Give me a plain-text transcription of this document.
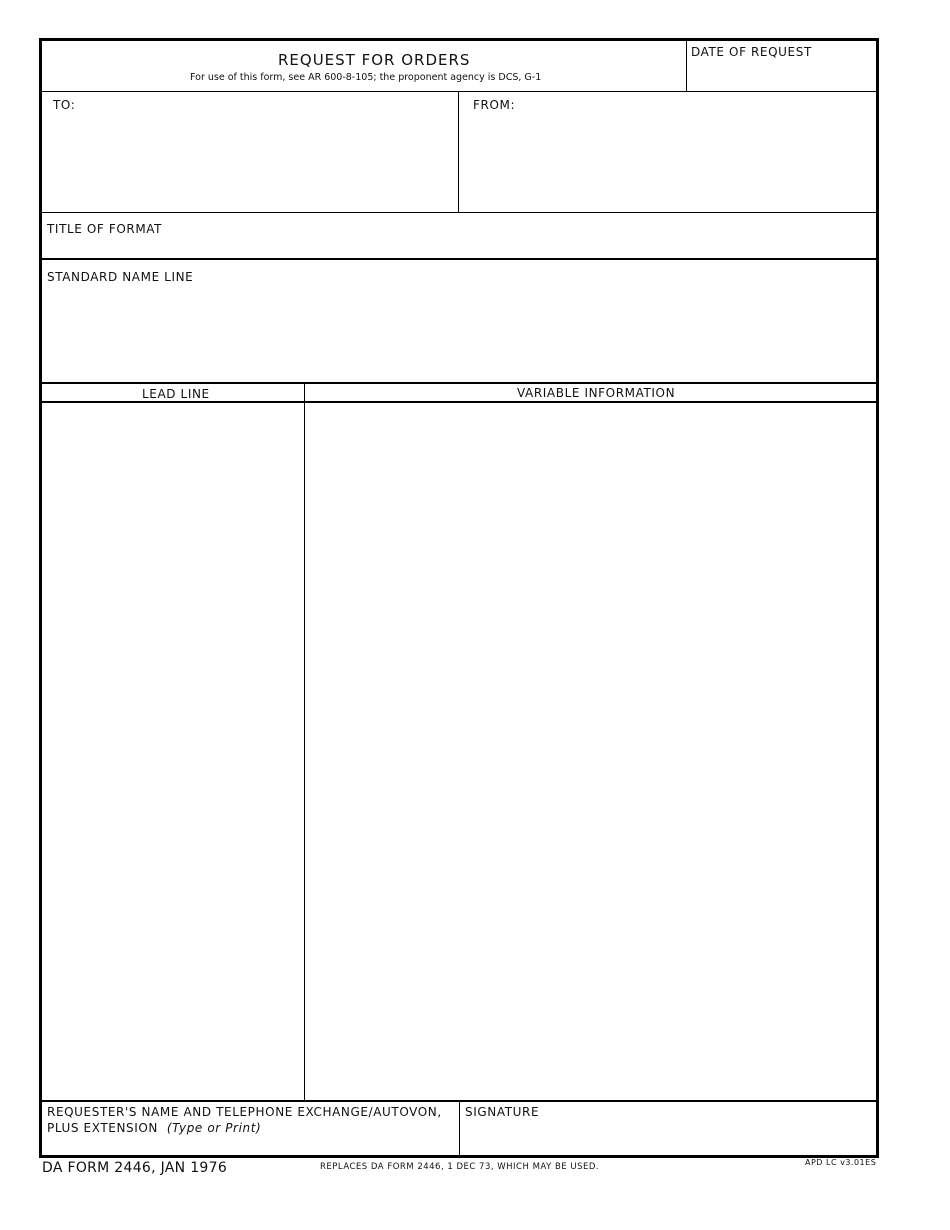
REQUEST FOR ORDERS
For use of this form, see AR 600-8-105; the proponent agency is DCS, G-1
DATE OF REQUEST
TO:	FROM:
TITLE OF FORMAT
STANDARD NAME LINE
LEAD LINE	VARIABLE INFORMATION
REQUESTER'S NAME AND TELEPHONE EXCHANGE/AUTOVON,
PLUS EXTENSION (Type or Print)
SIGNATURE
DA FORM 2446, JAN 1976	REPLACES DA FORM 2446, 1 DEC 73, WHICH MAY BE USED.	APD LC v3.01ES
